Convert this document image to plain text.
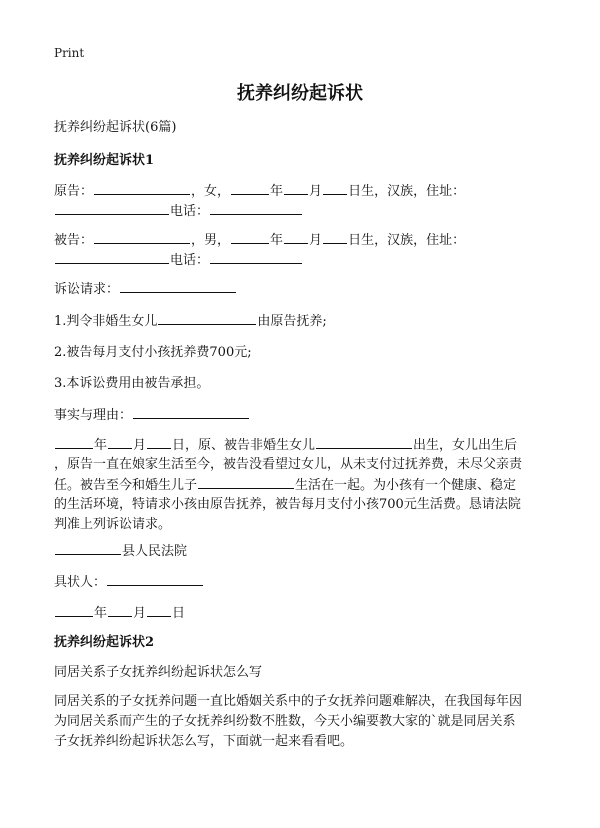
Print
抚养纠纷起诉状
抚养纠纷起诉状(6篇)
抚养纠纷起诉状1
原告：	，女，	年 月 日生，汉族，住址：
电话：
被告：	，男，	年 月 日生，汉族，住址：
电话：
诉讼请求：
1.判令非婚生女儿	由原告抚养;
2.被告每月支付小孩抚养费700元;
3.本诉讼费用由被告承担。
事实与理由：
年 月 日，原、被告非婚生女儿	出生，女儿出生后
，原告一直在娘家生活至今，被告没看望过女儿，从未支付过抚养费，未尽父亲责
任。被告至今和婚生儿子	生活在一起。为小孩有一个健康、稳定
的生活环境，特请求小孩由原告抚养，被告每月支付小孩700元生活费。恳请法院
判准上列诉讼请求。
县人民法院
具状人：
年 月 日
抚养纠纷起诉状2
同居关系子女抚养纠纷起诉状怎么写
同居关系的子女抚养问题一直比婚姻关系中的子女抚养问题难解决，在我国每年因
为同居关系而产生的子女抚养纠纷数不胜数，今天小编要教大家的`就是同居关系
子女抚养纠纷起诉状怎么写，下面就一起来看看吧。
